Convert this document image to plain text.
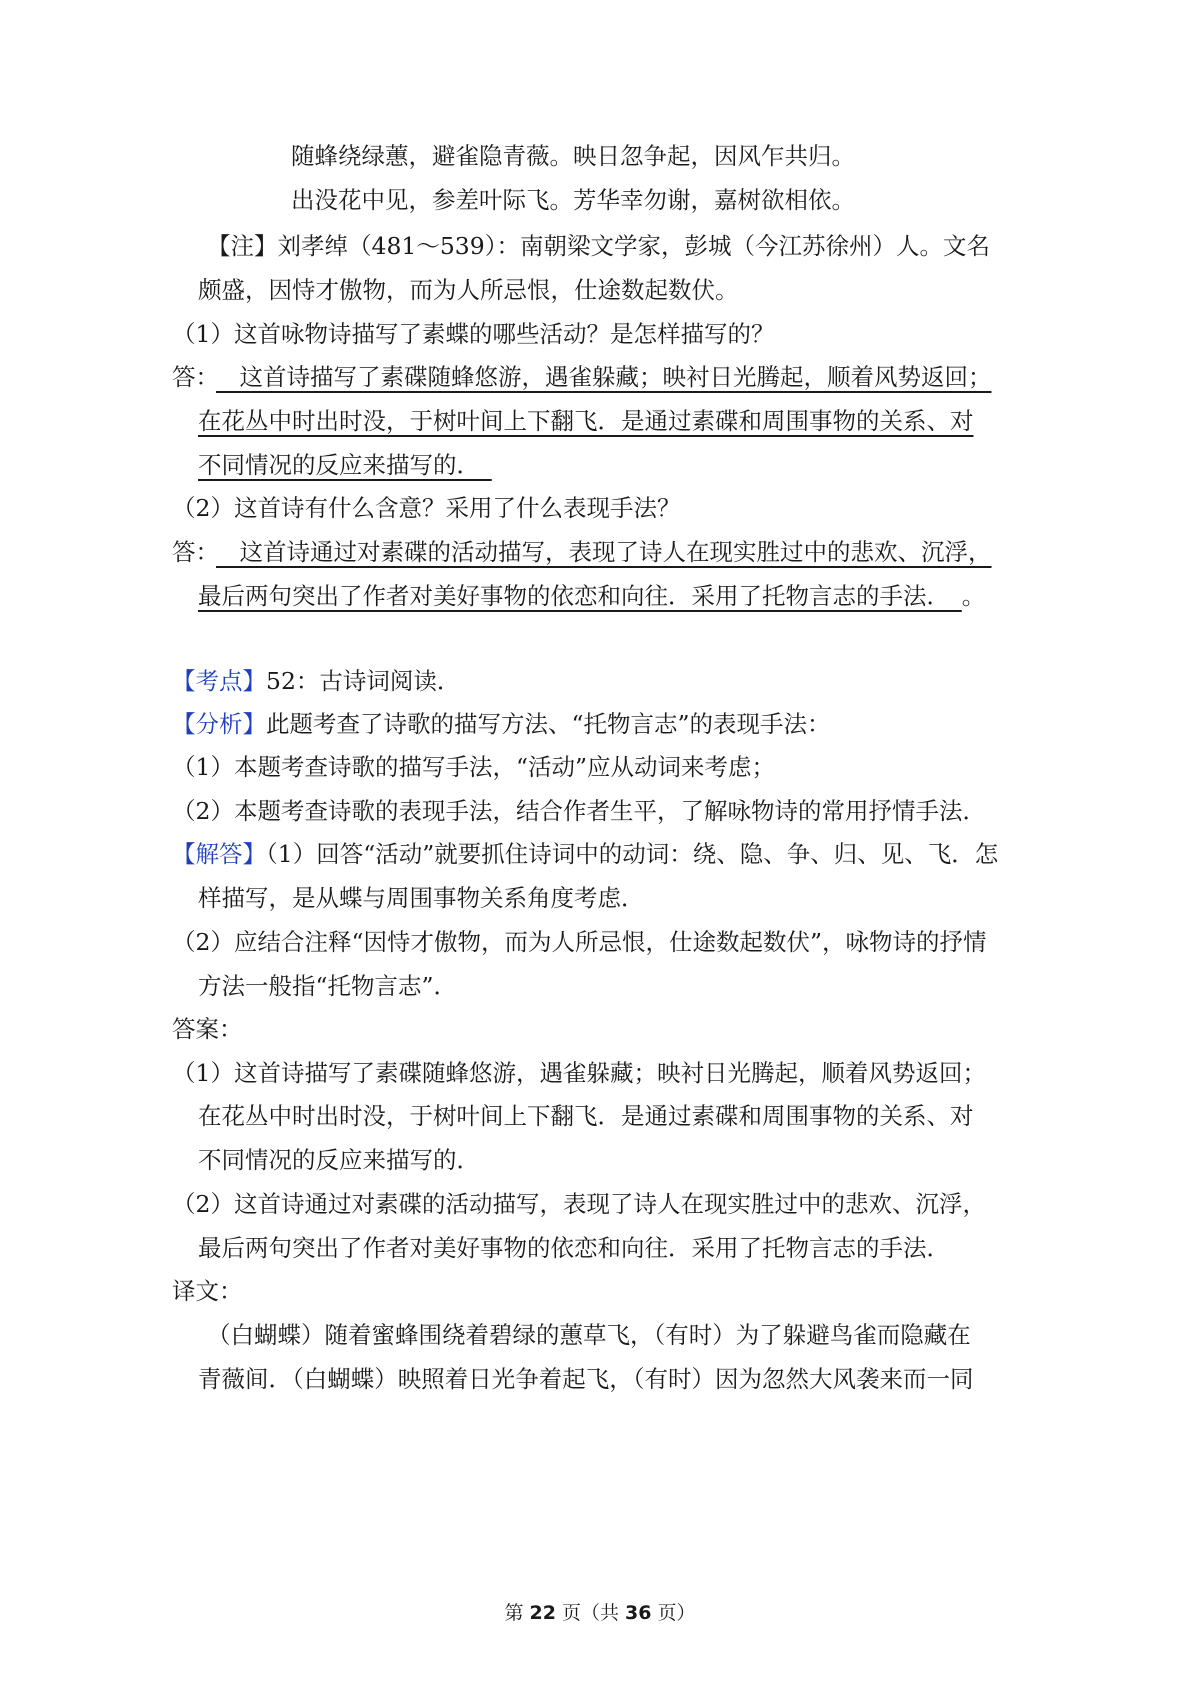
随蜂绕绿蕙，避雀隐青薇。映日忽争起，因风乍共归。
出没花中见，参差叶际飞。芳华幸勿谢，嘉树欲相依。
【注】刘孝绰（481～539）：南朝梁文学家，彭城（今江苏徐州）人。文名
颇盛，因恃才傲物，而为人所忌恨，仕途数起数伏。
（1）这首咏物诗描写了素蝶的哪些活动？是怎样描写的？
答：
　这首诗描写了素碟随蜂悠游，遇雀躲藏；映衬日光腾起，顺着风势返回；
在花丛中时出时没，于树叶间上下翻飞．是通过素碟和周围事物的关系、对
不同情况的反应来描写的．　
（2）这首诗有什么含意？采用了什么表现手法？
答：
　这首诗通过对素碟的活动描写，表现了诗人在现实胜过中的悲欢、沉浮，
最后两句突出了作者对美好事物的依恋和向往．采用了托物言志的手法．　。
【考点】52：古诗词阅读．
【分析】此题考查了诗歌的描写方法、“托物言志”的表现手法：
（1）本题考查诗歌的描写手法，“活动”应从动词来考虑；
（2）本题考查诗歌的表现手法，结合作者生平，了解咏物诗的常用抒情手法．
【解答】（1）回答“活动”就要抓住诗词中的动词：绕、隐、争、归、见、飞．怎
样描写，是从蝶与周围事物关系角度考虑．
（2）应结合注释“因恃才傲物，而为人所忌恨，仕途数起数伏”，咏物诗的抒情
方法一般指“托物言志”．
答案：
（1）这首诗描写了素碟随蜂悠游，遇雀躲藏；映衬日光腾起，顺着风势返回；
在花丛中时出时没，于树叶间上下翻飞．是通过素碟和周围事物的关系、对
不同情况的反应来描写的．
（2）这首诗通过对素碟的活动描写，表现了诗人在现实胜过中的悲欢、沉浮，
最后两句突出了作者对美好事物的依恋和向往．采用了托物言志的手法．
译文：
（白蝴蝶）随着蜜蜂围绕着碧绿的蕙草飞，（有时）为了躲避鸟雀而隐藏在
青薇间．（白蝴蝶）映照着日光争着起飞，（有时）因为忽然大风袭来而一同
第 22 页（共 36 页）
